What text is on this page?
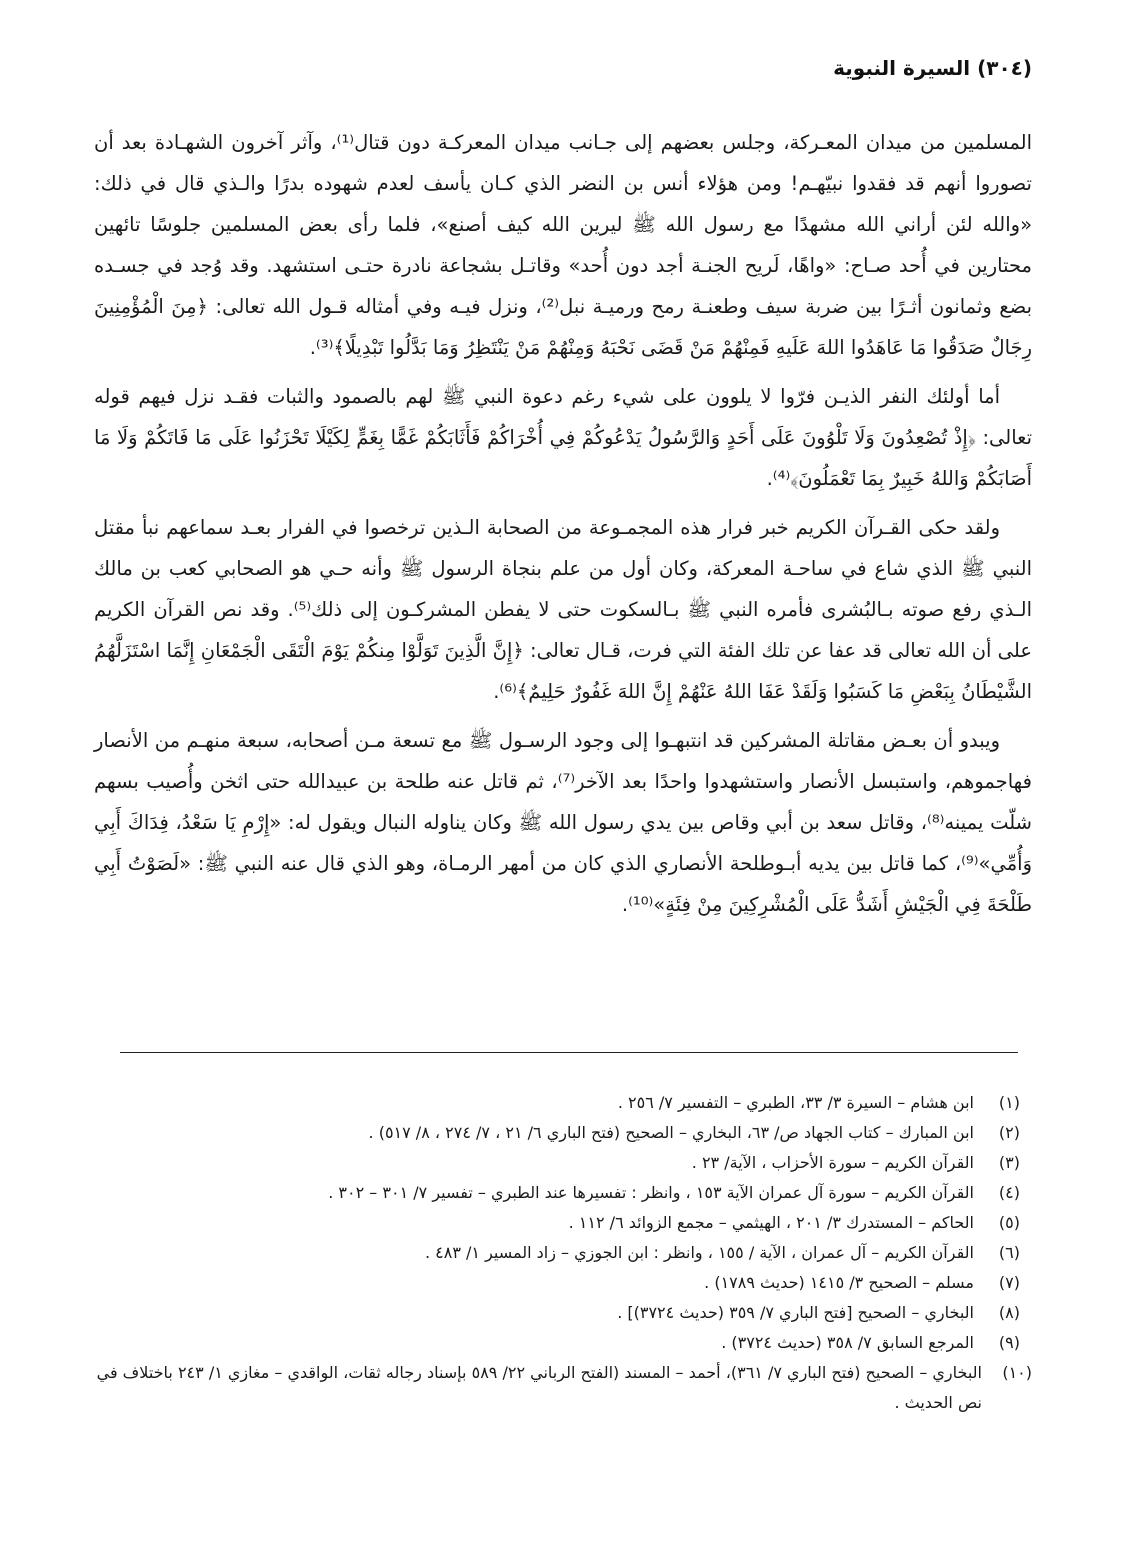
(٣٠٤) السيرة النبوية

المسلمين من ميدان المعـركة، وجلس بعضهم إلى جـانب ميدان المعركـة دون قتال⁽¹⁾، وآثر آخرون الشهـادة بعد أن تصوروا أنهم قد فقدوا نبيّهـم! ومن هؤلاء أنس بن النضر الذي كـان يأسف لعدم شهوده بدرًا والـذي قال في ذلك: «والله لئن أراني الله مشهدًا مع رسول الله ﷺ ليرين الله كيف أصنع»، فلما رأى بعض المسلمين جلوسًا تائهين محتارين في أُحد صـاح: «واهًا، لَريح الجنـة أجد دون أُحد» وقاتـل بشجاعة نادرة حتـى استشهد. وقد وُجد في جسـده بضع وثمانون أثـرًا بين ضربة سيف وطعنـة رمح ورميـة نبل⁽²⁾، ونزل فيـه وفي أمثاله قـول الله تعالى: ﴿مِنَ الْمُؤْمِنِينَ رِجَالٌ صَدَقُوا مَا عَاهَدُوا اللهَ عَلَيهِ فَمِنْهُمْ مَنْ قَضَى نَحْبَهُ وَمِنْهُمْ مَنْ يَنْتَظِرُ وَمَا بَدَّلُوا تَبْدِيلًا﴾⁽³⁾.

أما أولئك النفر الذيـن فرّوا لا يلوون على شيء رغم دعوة النبي ﷺ لهم بالصمود والثبات فقـد نزل فيهم قوله تعالى: ﴿إِذْ تُصْعِدُونَ وَلَا تَلْوُونَ عَلَى أَحَدٍ وَالرَّسُولُ يَدْعُوكُمْ فِي أُخْرَاكُمْ فَأَثَابَكُمْ غَمًّا بِغَمٍّ لِكَيْلَا تَحْزَنُوا عَلَى مَا فَاتَكُمْ وَلَا مَا أَصَابَكُمْ وَاللهُ خَبِيرٌ بِمَا تَعْمَلُونَ﴾⁽⁴⁾.

ولقد حكى القـرآن الكريم خبر فرار هذه المجمـوعة من الصحابة الـذين ترخصوا في الفرار بعـد سماعهم نبأ مقتل النبي ﷺ الذي شاع في ساحـة المعركة، وكان أول من علم بنجاة الرسول ﷺ وأنه حـي هو الصحابي كعب بن مالك الـذي رفع صوته بـالبُشرى فأمره النبي ﷺ بـالسكوت حتى لا يفطن المشركـون إلى ذلك⁽⁵⁾. وقد نص القرآن الكريم على أن الله تعالى قد عفا عن تلك الفئة التي فرت، قـال تعالى: ﴿إِنَّ الَّذِينَ تَوَلَّوْا مِنكُمْ يَوْمَ الْتَقَى الْجَمْعَانِ إِنَّمَا اسْتَزَلَّهُمُ الشَّيْطَانُ بِبَعْضِ مَا كَسَبُوا وَلَقَدْ عَفَا اللهُ عَنْهُمْ إِنَّ اللهَ غَفُورٌ حَلِيمٌ﴾⁽⁶⁾.

ويبدو أن بعـض مقاتلة المشركين قد انتبهـوا إلى وجود الرسـول ﷺ مع تسعة مـن أصحابه، سبعة منهـم من الأنصار فهاجموهم، واستبسل الأنصار واستشهدوا واحدًا بعد الآخر⁽⁷⁾، ثم قاتل عنه طلحة بن عبيدالله حتى اثخن وأُصيب بسهم شلّت يمينه⁽⁸⁾، وقاتل سعد بن أبي وقاص بين يدي رسول الله ﷺ وكان يناوله النبال ويقول له: «إِرْمِ يَا سَعْدُ، فِدَاكَ أَبِي وَأُمِّي»⁽⁹⁾، كما قاتل بين يديه أبـوطلحة الأنصاري الذي كان من أمهر الرمـاة، وهو الذي قال عنه النبي ﷺ: «لَصَوْتُ أَبِي طَلْحَةَ فِي الْجَيْشِ أَشَدُّ عَلَى الْمُشْرِكِينَ مِنْ فِئَةٍ»⁽¹⁰⁾.

(١)
ابن هشام – السيرة ٣/ ٣٣، الطبري – التفسير ٧/ ٢٥٦ .
(٢)
ابن المبارك – كتاب الجهاد ص/ ٦٣، البخاري – الصحيح (فتح الباري ٦/ ٢١ ، ٧/ ٢٧٤ ، ٨/ ٥١٧) .
(٣)
القرآن الكريم – سورة الأحزاب ، الآية/ ٢٣ .
(٤)
القرآن الكريم – سورة آل عمران الآية ١٥٣ ، وانظر : تفسيرها عند الطبري – تفسير ٧/ ٣٠١ – ٣٠٢ .
(٥)
الحاكم – المستدرك ٣/ ٢٠١ ، الهيثمي – مجمع الزوائد ٦/ ١١٢ .
(٦)
القرآن الكريم – آل عمران ، الآية / ١٥٥ ، وانظر : ابن الجوزي – زاد المسير ١/ ٤٨٣ .
(٧)
مسلم – الصحيح ٣/ ١٤١٥ (حديث ١٧٨٩) .
(٨)
البخاري – الصحيح [فتح الباري ٧/ ٣٥٩ (حديث ٣٧٢٤)] .
(٩)
المرجع السابق ٧/ ٣٥٨ (حديث ٣٧٢٤) .
(١٠)
البخاري – الصحيح (فتح الباري ٧/ ٣٦١)، أحمد – المسند (الفتح الرباني ٢٢/ ٥٨٩ بإسناد رجاله ثقات، الواقدي – مغازي ١/ ٢٤٣ باختلاف في نص الحديث .
